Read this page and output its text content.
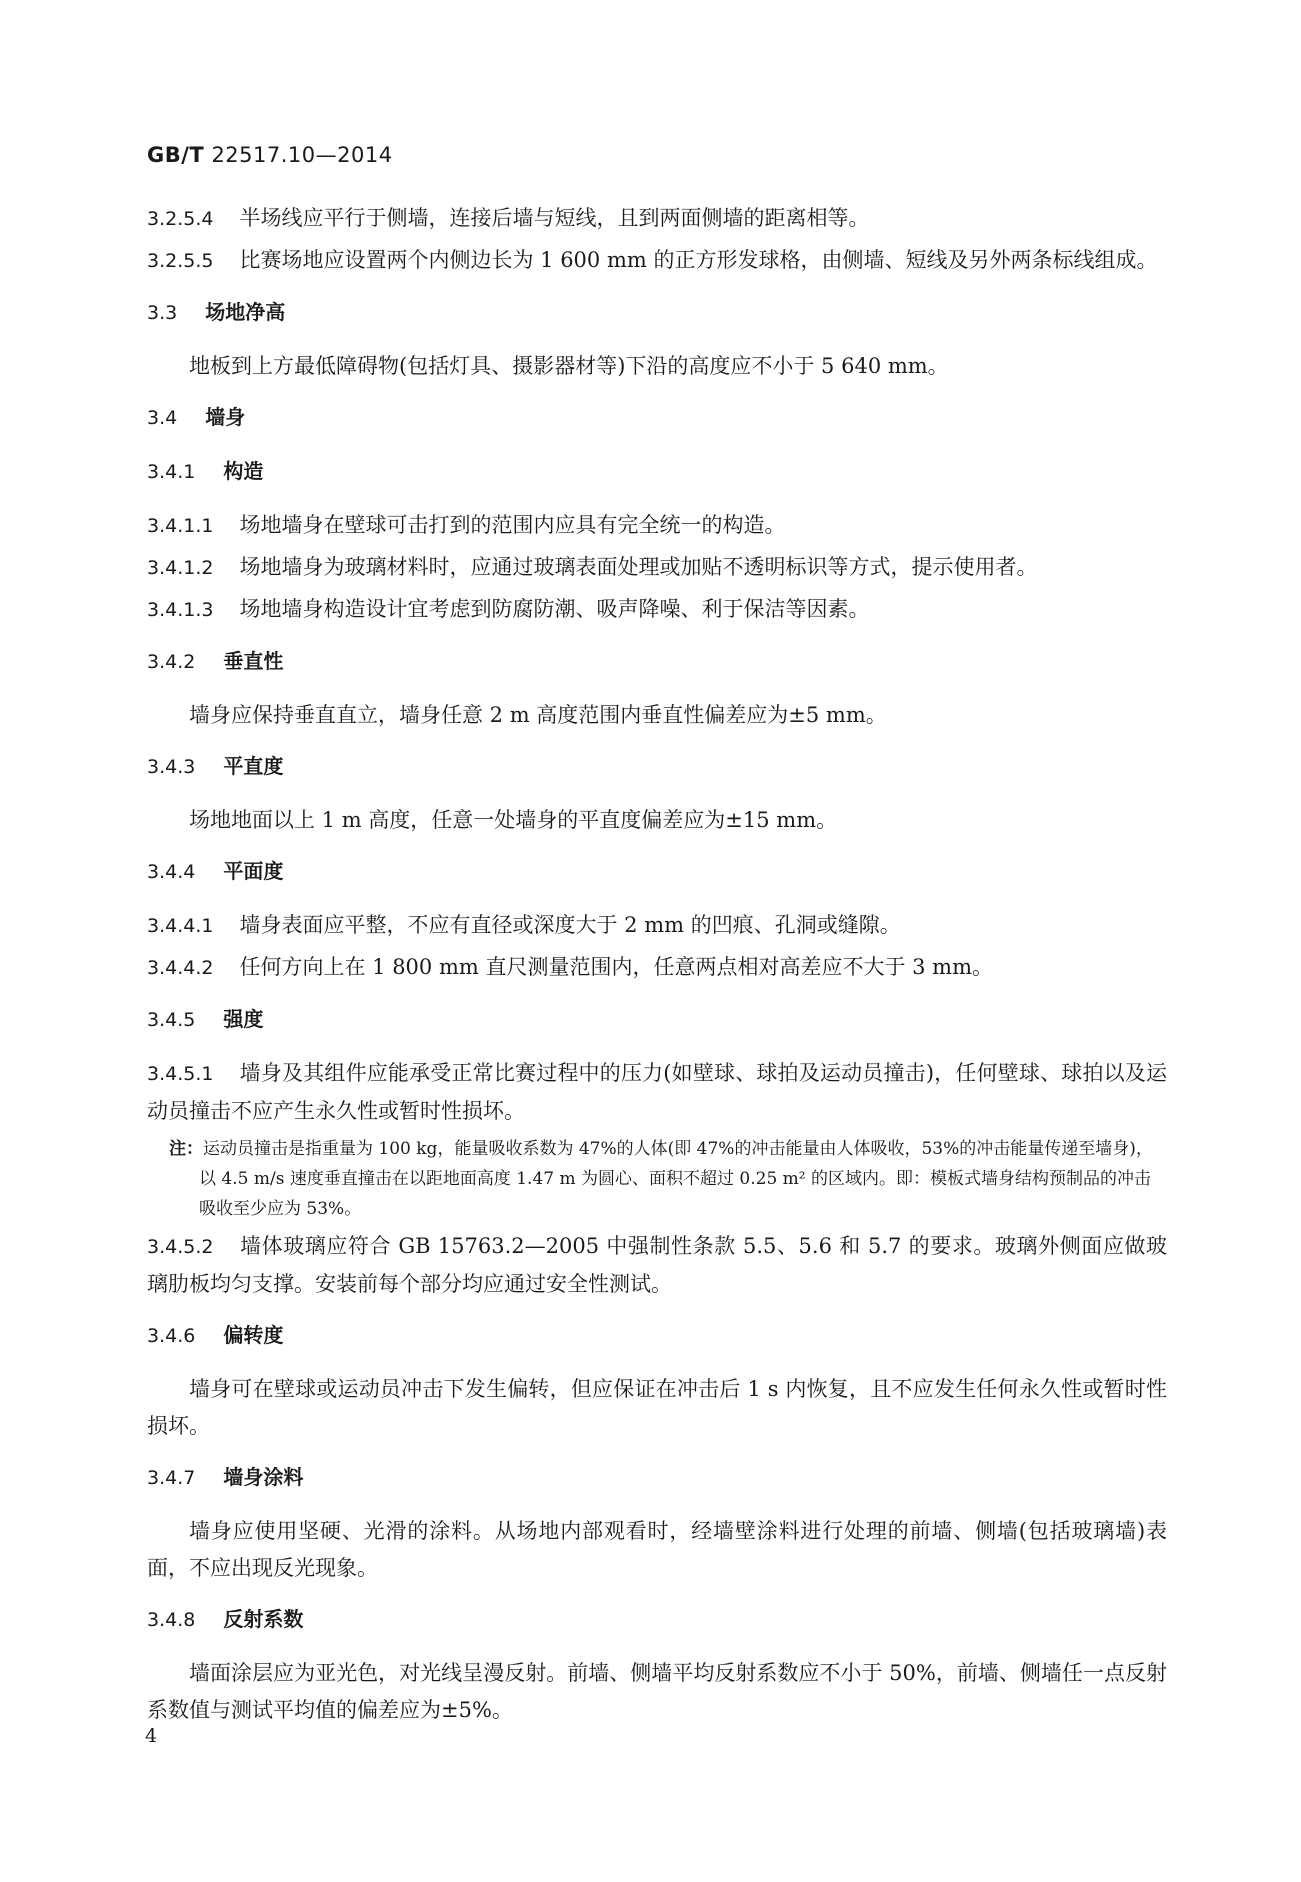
GB/T 22517.10—2014
3.2.5.4 半场线应平行于侧墙，连接后墙与短线，且到两面侧墙的距离相等。
3.2.5.5 比赛场地应设置两个内侧边长为 1 600 mm 的正方形发球格，由侧墙、短线及另外两条标线组成。
3.3 场地净高
地板到上方最低障碍物(包括灯具、摄影器材等)下沿的高度应不小于 5 640 mm。
3.4 墙身
3.4.1 构造
3.4.1.1 场地墙身在壁球可击打到的范围内应具有完全统一的构造。
3.4.1.2 场地墙身为玻璃材料时，应通过玻璃表面处理或加贴不透明标识等方式，提示使用者。
3.4.1.3 场地墙身构造设计宜考虑到防腐防潮、吸声降噪、利于保洁等因素。
3.4.2 垂直性
墙身应保持垂直直立，墙身任意 2 m 高度范围内垂直性偏差应为±5 mm。
3.4.3 平直度
场地地面以上 1 m 高度，任意一处墙身的平直度偏差应为±15 mm。
3.4.4 平面度
3.4.4.1 墙身表面应平整，不应有直径或深度大于 2 mm 的凹痕、孔洞或缝隙。
3.4.4.2 任何方向上在 1 800 mm 直尺测量范围内，任意两点相对高差应不大于 3 mm。
3.4.5 强度
3.4.5.1 墙身及其组件应能承受正常比赛过程中的压力(如壁球、球拍及运动员撞击)，任何壁球、球拍以及运动员撞击不应产生永久性或暂时性损坏。
注：运动员撞击是指重量为 100 kg，能量吸收系数为 47%的人体(即 47%的冲击能量由人体吸收，53%的冲击能量传递至墙身)，以 4.5 m/s 速度垂直撞击在以距地面高度 1.47 m 为圆心、面积不超过 0.25 m² 的区域内。即：模板式墙身结构预制品的冲击吸收至少应为 53%。
3.4.5.2 墙体玻璃应符合 GB 15763.2—2005 中强制性条款 5.5、5.6 和 5.7 的要求。玻璃外侧面应做玻璃肋板均匀支撑。安装前每个部分均应通过安全性测试。
3.4.6 偏转度
墙身可在壁球或运动员冲击下发生偏转，但应保证在冲击后 1 s 内恢复，且不应发生任何永久性或暂时性损坏。
3.4.7 墙身涂料
墙身应使用坚硬、光滑的涂料。从场地内部观看时，经墙壁涂料进行处理的前墙、侧墙(包括玻璃墙)表面，不应出现反光现象。
3.4.8 反射系数
墙面涂层应为亚光色，对光线呈漫反射。前墙、侧墙平均反射系数应不小于 50%，前墙、侧墙任一点反射系数值与测试平均值的偏差应为±5%。
4
